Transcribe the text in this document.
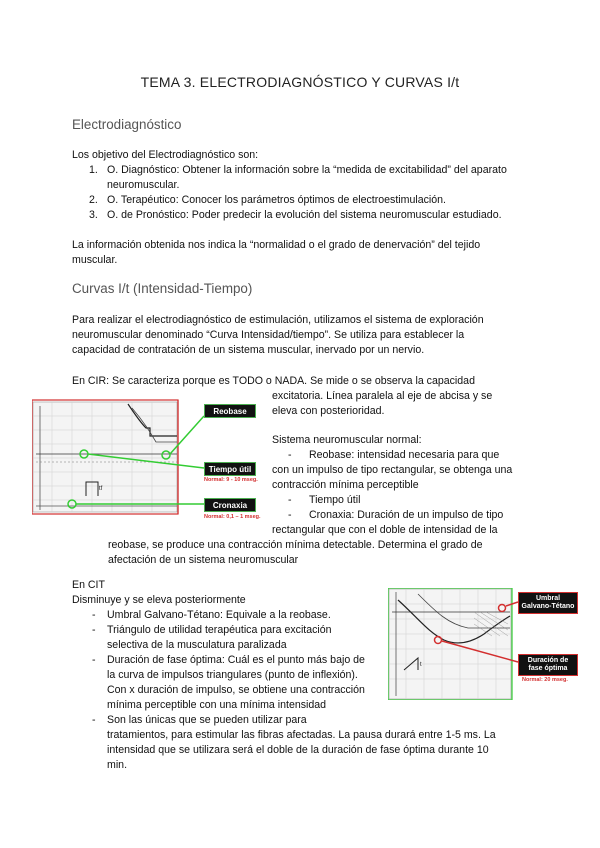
TEMA 3. ELECTRODIAGNÓSTICO Y CURVAS I/t
Electrodiagnóstico
Los objetivo del Electrodiagnóstico son:
1. O. Diagnóstico: Obtener la información sobre la “medida de excitabilidad” del aparato
neuromuscular.
2. O. Terapéutico: Conocer los parámetros óptimos de electroestimulación.
3. O. de Pronóstico: Poder predecir la evolución del sistema neuromuscular estudiado.
La información obtenida nos indica la “normalidad o el grado de denervación” del tejido
muscular.
Curvas I/t (Intensidad-Tiempo)
Para realizar el electrodiagnóstico de estimulación, utilizamos el sistema de exploración
neuromuscular denominado “Curva Intensidad/tiempo”. Se utiliza para establecer la
capacidad de contratación de un sistema muscular, inervado por un nervio.
En CIR: Se caracteriza porque es TODO o NADA. Se mide o se observa la capacidad
excitatoria. Línea paralela al eje de abcisa y se
eleva con posterioridad.
Sistema neuromuscular normal:
- Reobase: intensidad necesaria para que
con un impulso de tipo rectangular, se obtenga una
contracción mínima perceptible
- Tiempo útil
- Cronaxia: Duración de un impulso de tipo
rectangular que con el doble de intensidad de la
reobase, se produce una contracción mínima detectable. Determina el grado de
afectación de un sistema neuromuscular
tf
Reobase
Tiempo útil
Normal: 9 - 10 mseg.
Cronaxia
Normal: 0,1 – 1 mseg.
En CIT
Disminuye y se eleva posteriormente
- Umbral Galvano-Tétano: Equivale a la reobase.
- Triángulo de utilidad terapéutica para excitación
selectiva de la musculatura paralizada
- Duración de fase óptima: Cuál es el punto más bajo de
la curva de impulsos triangulares (punto de inflexión).
Con x duración de impulso, se obtiene una contracción
mínima perceptible con una mínima intensidad
- Son las únicas que se pueden utilizar para
tratamientos, para estimular las fibras afectadas. La pausa durará entre 1-5 ms. La
intensidad que se utilizara será el doble de la duración de fase óptima durante 10
min.
t
Umbral
Galvano-Tétano
Duración de
fase óptima
Normal: 20 mseg.
